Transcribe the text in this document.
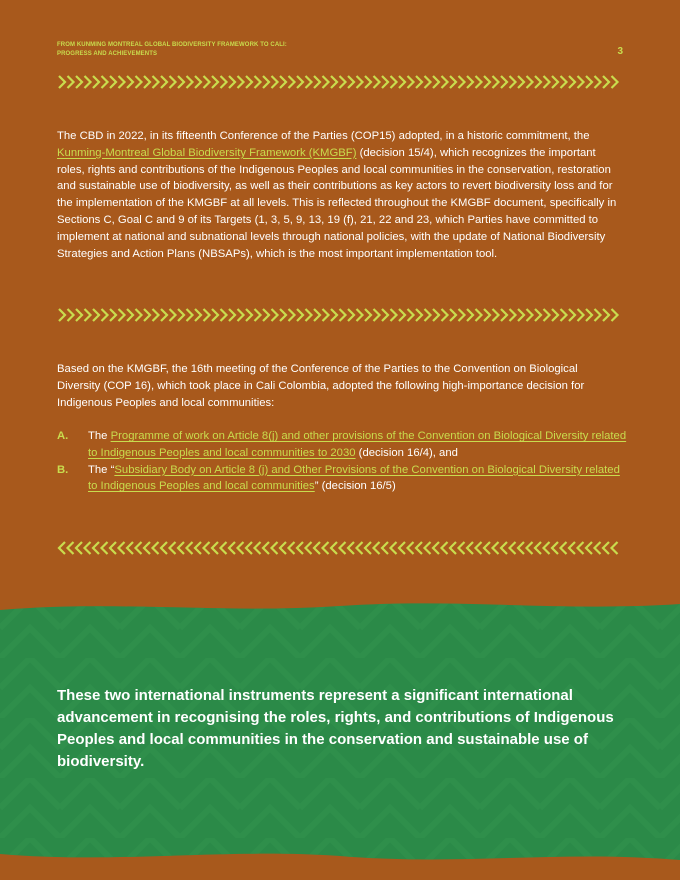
FROM KUNMING MONTREAL GLOBAL BIODIVERSITY FRAMEWORK TO CALI:
PROGRESS AND ACHIEVEMENTS	3

The CBD in 2022, in its fifteenth Conference of the Parties (COP15) adopted, in a historic commitment, the Kunming-Montreal Global Biodiversity Framework (KMGBF) (decision 15/4), which recognizes the important roles, rights and contributions of the Indigenous Peoples and local communities in the conservation, restoration and sustainable use of biodiversity, as well as their contributions as key actors to revert biodiversity loss and for the implementation of the KMGBF at all levels. This is reflected throughout the KMGBF document, specifically in Sections C, Goal C and 9 of its Targets (1, 3, 5, 9, 13, 19 (f), 21, 22 and 23, which Parties have committed to implement at national and subnational levels through national policies, with the update of National Biodiversity Strategies and Action Plans (NBSAPs), which is the most important implementation tool.

Based on the KMGBF, the 16th meeting of the Conference of the Parties to the Convention on Biological Diversity (COP 16), which took place in Cali Colombia, adopted the following high-importance decision for Indigenous Peoples and local communities:

A.	The Programme of work on Article 8(j) and other provisions of the Convention on Biological Diversity related to Indigenous Peoples and local communities to 2030 (decision 16/4), and
B.	The “Subsidiary Body on Article 8 (j) and Other Provisions of the Convention on Biological Diversity related to Indigenous Peoples and local communities” (decision 16/5)
These two international instruments represent a significant international advancement in recognising the roles, rights, and contributions of Indigenous Peoples and local communities in the conservation and sustainable use of biodiversity.
